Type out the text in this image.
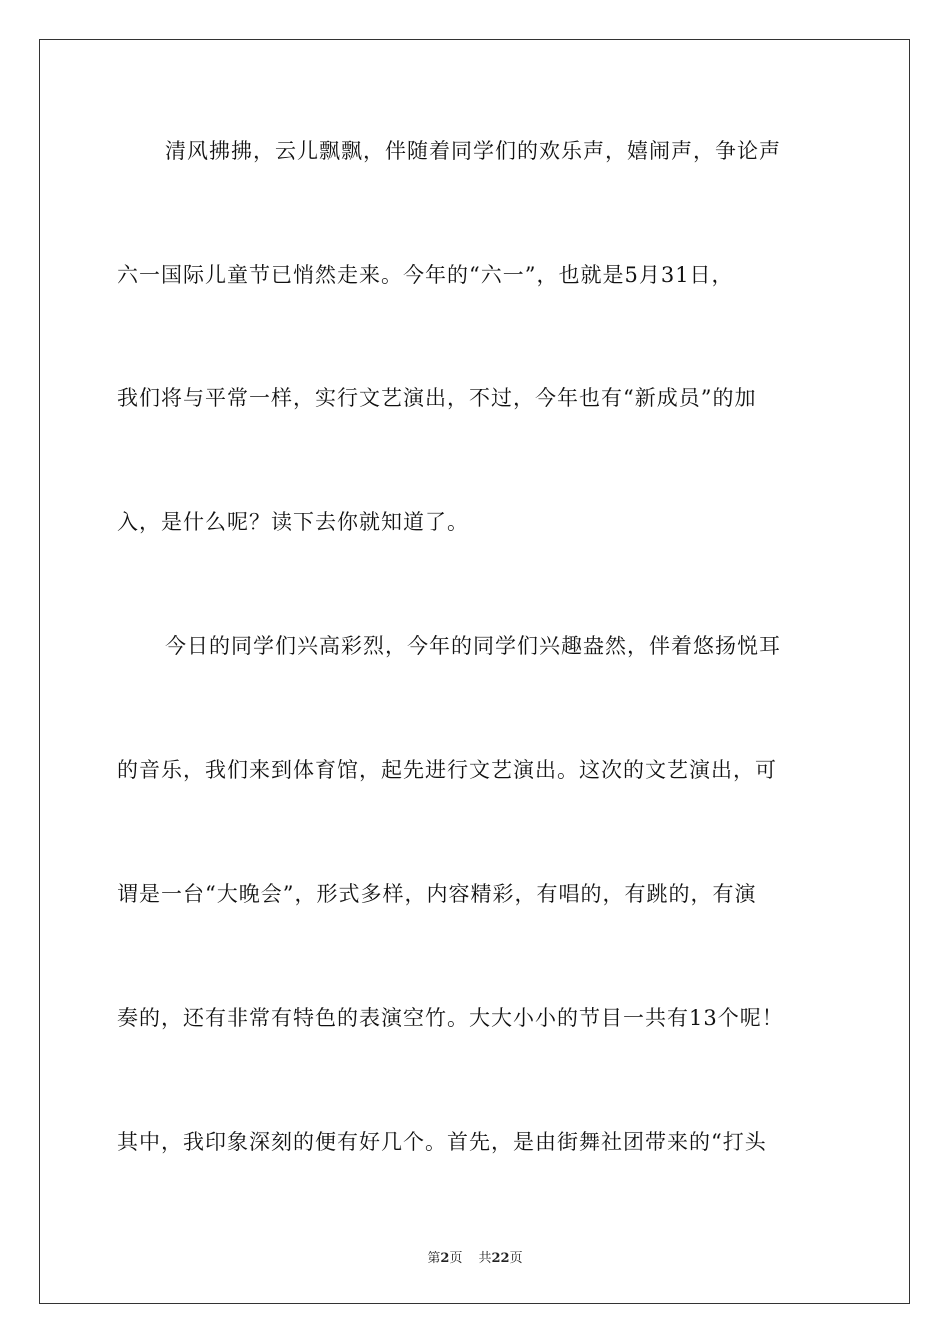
清风拂拂，云儿飘飘，伴随着同学们的欢乐声，嬉闹声，争论声
六一国际儿童节已悄然走来。今年的“六一”，也就是5月31日，
我们将与平常一样，实行文艺演出，不过，今年也有“新成员”的加
入，是什么呢？读下去你就知道了。
今日的同学们兴高彩烈，今年的同学们兴趣盎然，伴着悠扬悦耳
的音乐，我们来到体育馆，起先进行文艺演出。这次的文艺演出，可
谓是一台“大晚会”，形式多样，内容精彩，有唱的，有跳的，有演
奏的，还有非常有特色的表演空竹。大大小小的节目一共有13个呢！
其中，我印象深刻的便有好几个。首先，是由街舞社团带来的“打头
第2页 共22页
